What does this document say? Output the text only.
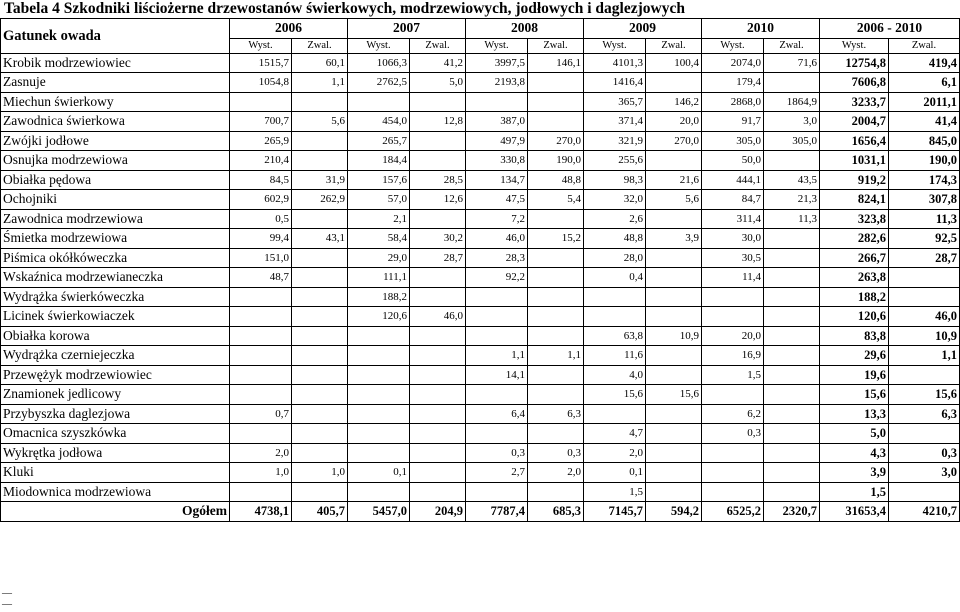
Tabela 4 Szkodniki liściożerne drzewostanów świerkowych, modrzewiowych, jodłowych i daglezjowych
Gatunek owada	2006		2007		2008		2009		2010		2006 - 2010	
	Wyst.	Zwal.	Wyst.	Zwal.	Wyst.	Zwal.	Wyst.	Zwal.	Wyst.	Zwal.	Wyst.	Zwal.
Krobik modrzewiowiec	1515,7	60,1	1066,3	41,2	3997,5	146,1	4101,3	100,4	2074,0	71,6	12754,8	419,4
Zasnuje	1054,8	1,1	2762,5	5,0	2193,8		1416,4		179,4		7606,8	6,1
Miechun świerkowy							365,7	146,2	2868,0	1864,9	3233,7	2011,1
Zawodnica świerkowa	700,7	5,6	454,0	12,8	387,0		371,4	20,0	91,7	3,0	2004,7	41,4
Zwójki jodłowe	265,9		265,7		497,9	270,0	321,9	270,0	305,0	305,0	1656,4	845,0
Osnujka modrzewiowa	210,4		184,4		330,8	190,0	255,6		50,0		1031,1	190,0
Obiałka pędowa	84,5	31,9	157,6	28,5	134,7	48,8	98,3	21,6	444,1	43,5	919,2	174,3
Ochojniki	602,9	262,9	57,0	12,6	47,5	5,4	32,0	5,6	84,7	21,3	824,1	307,8
Zawodnica modrzewiowa	0,5		2,1		7,2		2,6		311,4	11,3	323,8	11,3
Śmietka modrzewiowa	99,4	43,1	58,4	30,2	46,0	15,2	48,8	3,9	30,0		282,6	92,5
Piśmica okółkóweczka	151,0		29,0	28,7	28,3		28,0		30,5		266,7	28,7
Wskaźnica modrzewianeczka	48,7		111,1		92,2		0,4		11,4		263,8	
Wydrążka świerkóweczka			188,2								188,2	
Licinek świerkowiaczek			120,6	46,0							120,6	46,0
Obiałka korowa							63,8	10,9	20,0		83,8	10,9
Wydrążka czerniejeczka					1,1	1,1	11,6		16,9		29,6	1,1
Przewężyk modrzewiowiec					14,1		4,0		1,5		19,6	
Znamionek jedlicowy							15,6	15,6			15,6	15,6
Przybyszka daglezjowa	0,7				6,4	6,3			6,2		13,3	6,3
Omacnica szyszkówka							4,7		0,3		5,0	
Wykrętka jodłowa	2,0				0,3	0,3	2,0				4,3	0,3
Kluki	1,0	1,0	0,1		2,7	2,0	0,1				3,9	3,0
Miodownica modrzewiowa							1,5				1,5	
Ogółem	4738,1	405,7	5457,0	204,9	7787,4	685,3	7145,7	594,2	6525,2	2320,7	31653,4	4210,7
—
—
